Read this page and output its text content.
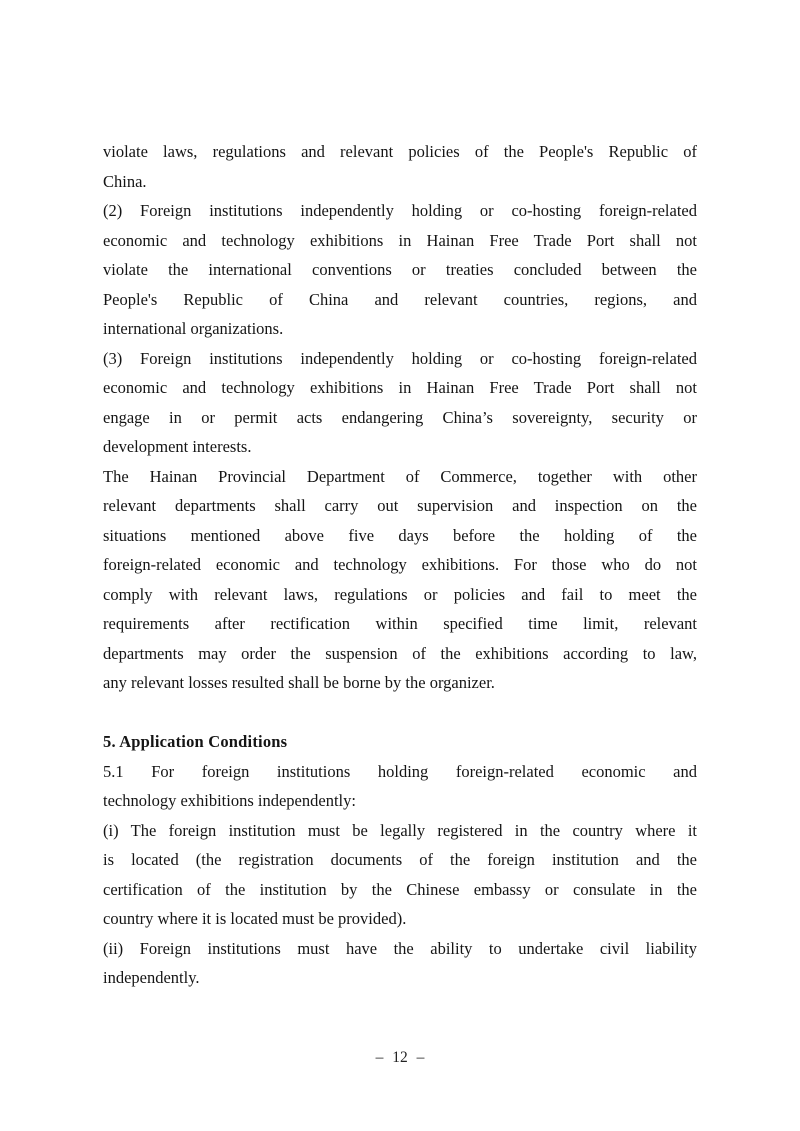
violate laws, regulations and relevant policies of the People's Republic of
China.
(2) Foreign institutions independently holding or co-hosting foreign-related
economic and technology exhibitions in Hainan Free Trade Port shall not
violate the international conventions or treaties concluded between the
People's Republic of China and relevant countries, regions, and
international organizations.
(3) Foreign institutions independently holding or co-hosting foreign-related
economic and technology exhibitions in Hainan Free Trade Port shall not
engage in or permit acts endangering China’s sovereignty, security or
development interests.
The Hainan Provincial Department of Commerce, together with other
relevant departments shall carry out supervision and inspection on the
situations mentioned above five days before the holding of the
foreign-related economic and technology exhibitions. For those who do not
comply with relevant laws, regulations or policies and fail to meet the
requirements after rectification within specified time limit, relevant
departments may order the suspension of the exhibitions according to law,
any relevant losses resulted shall be borne by the organizer.
5. Application Conditions
5.1 For foreign institutions holding foreign-related economic and
technology exhibitions independently:
(i) The foreign institution must be legally registered in the country where it
is located (the registration documents of the foreign institution and the
certification of the institution by the Chinese embassy or consulate in the
country where it is located must be provided).
(ii) Foreign institutions must have the ability to undertake civil liability
independently.
– 12 –
